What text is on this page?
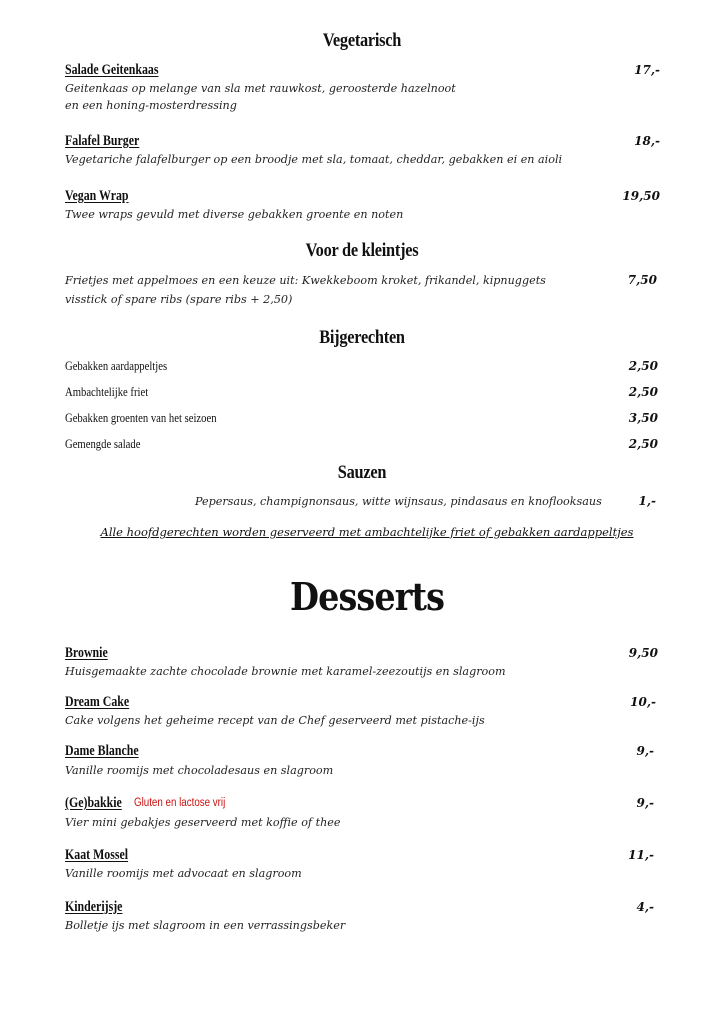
Vegetarisch
Salade Geitenkaas	17,-
Geitenkaas op melange van sla met rauwkost, geroosterde hazelnoot
en een honing-mosterdressing
Falafel Burger	18,-
Vegetariche falafelburger op een broodje met sla, tomaat, cheddar, gebakken ei en aioli
Vegan Wrap	19,50
Twee wraps gevuld met diverse gebakken groente en noten
Voor de kleintjes
Frietjes met appelmoes en een keuze uit: Kwekkeboom kroket, frikandel, kipnuggets	7,50
visstick of spare ribs (spare ribs + 2,50)
Bijgerechten
Gebakken aardappeltjes	2,50
Ambachtelijke friet	2,50
Gebakken groenten van het seizoen	3,50
Gemengde salade	2,50
Sauzen
Pepersaus, champignonsaus, witte wijnsaus, pindasaus en knoflooksaus	1,-
Alle hoofdgerechten worden geserveerd met ambachtelijke friet of gebakken aardappeltjes
Desserts
Brownie	9,50
Huisgemaakte zachte chocolade brownie met karamel-zeezoutijs en slagroom
Dream Cake	10,-
Cake volgens het geheime recept van de Chef geserveerd met pistache-ijs
Dame Blanche	9,-
Vanille roomijs met chocoladesaus en slagroom
(Ge)bakkie Gluten en lactose vrij	9,-
Vier mini gebakjes geserveerd met koffie of thee
Kaat Mossel	11,-
Vanille roomijs met advocaat en slagroom
Kinderijsje	4,-
Bolletje ijs met slagroom in een verrassingsbeker
